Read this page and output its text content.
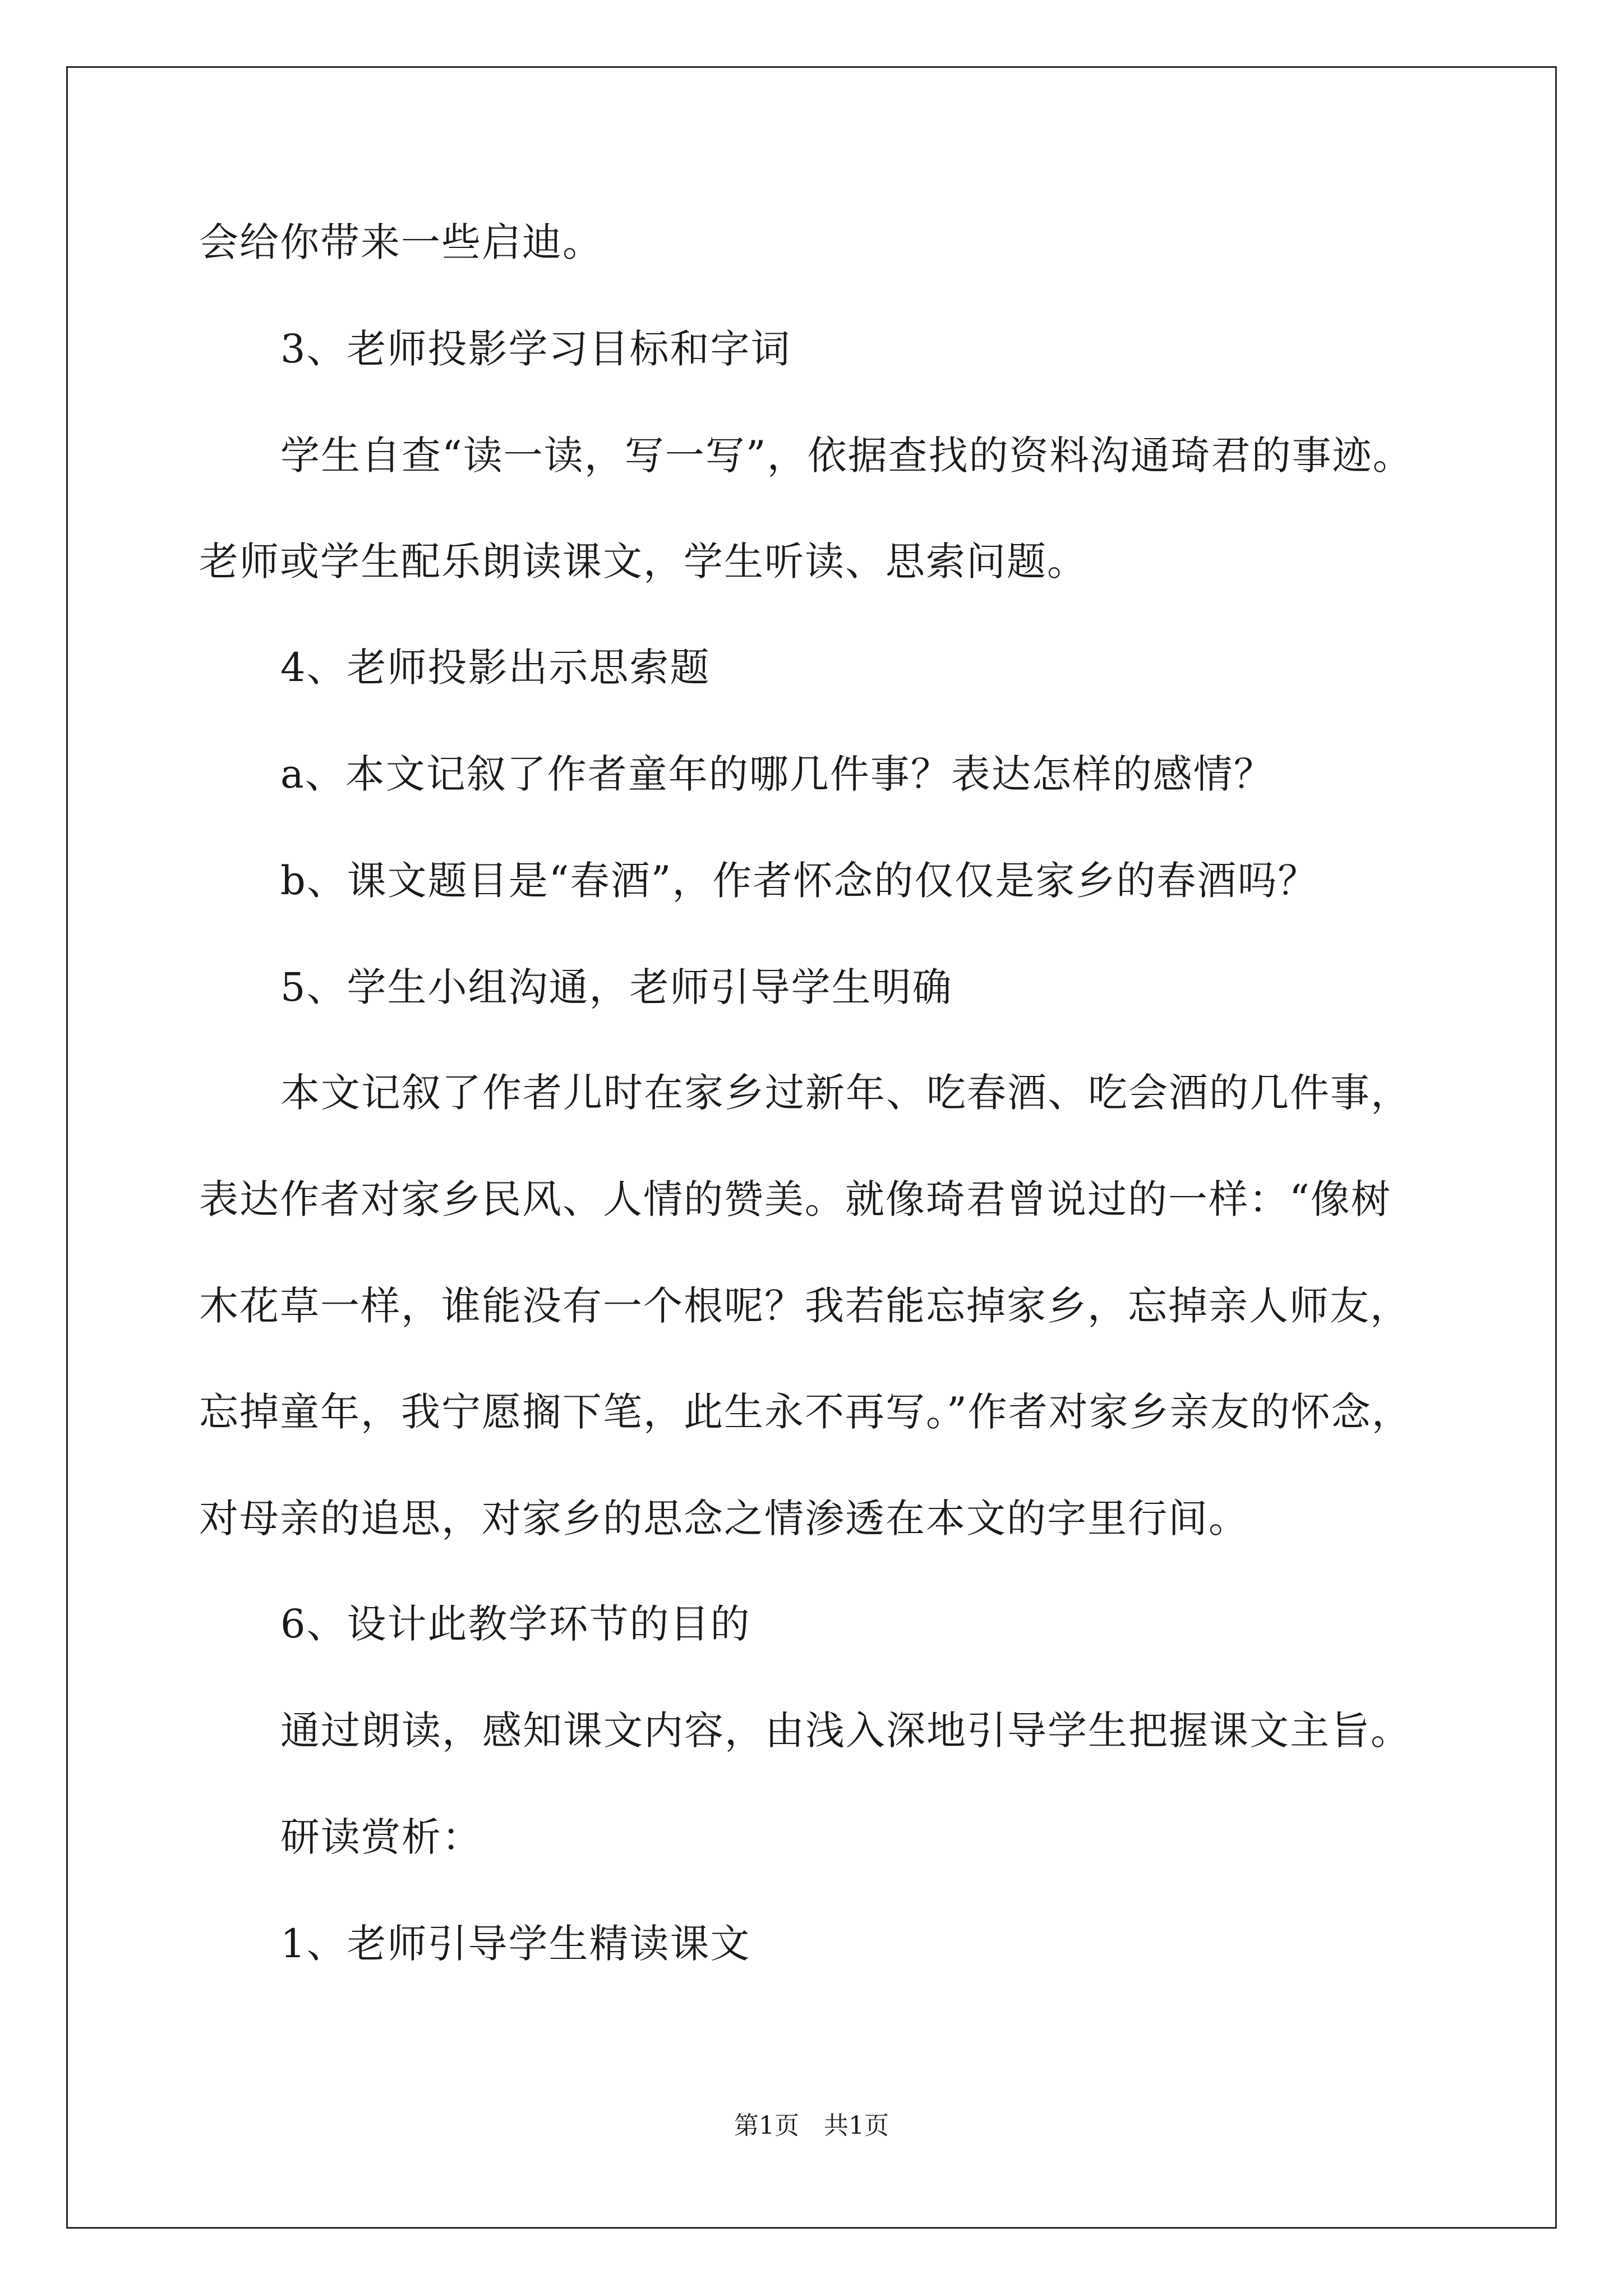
会给你带来一些启迪。
3、老师投影学习目标和字词
学生自查“读一读，写一写”，依据查找的资料沟通琦君的事迹。
老师或学生配乐朗读课文，学生听读、思索问题。
4、老师投影出示思索题
a、本文记叙了作者童年的哪几件事？表达怎样的感情？
b、课文题目是“春酒”，作者怀念的仅仅是家乡的春酒吗？
5、学生小组沟通，老师引导学生明确
本文记叙了作者儿时在家乡过新年、吃春酒、吃会酒的几件事，
表达作者对家乡民风、人情的赞美。就像琦君曾说过的一样：“像树
木花草一样，谁能没有一个根呢？我若能忘掉家乡，忘掉亲人师友，
忘掉童年，我宁愿搁下笔，此生永不再写。”作者对家乡亲友的怀念，
对母亲的追思，对家乡的思念之情渗透在本文的字里行间。
6、设计此教学环节的目的
通过朗读，感知课文内容，由浅入深地引导学生把握课文主旨。
研读赏析：
1、老师引导学生精读课文
第1页　共1页
